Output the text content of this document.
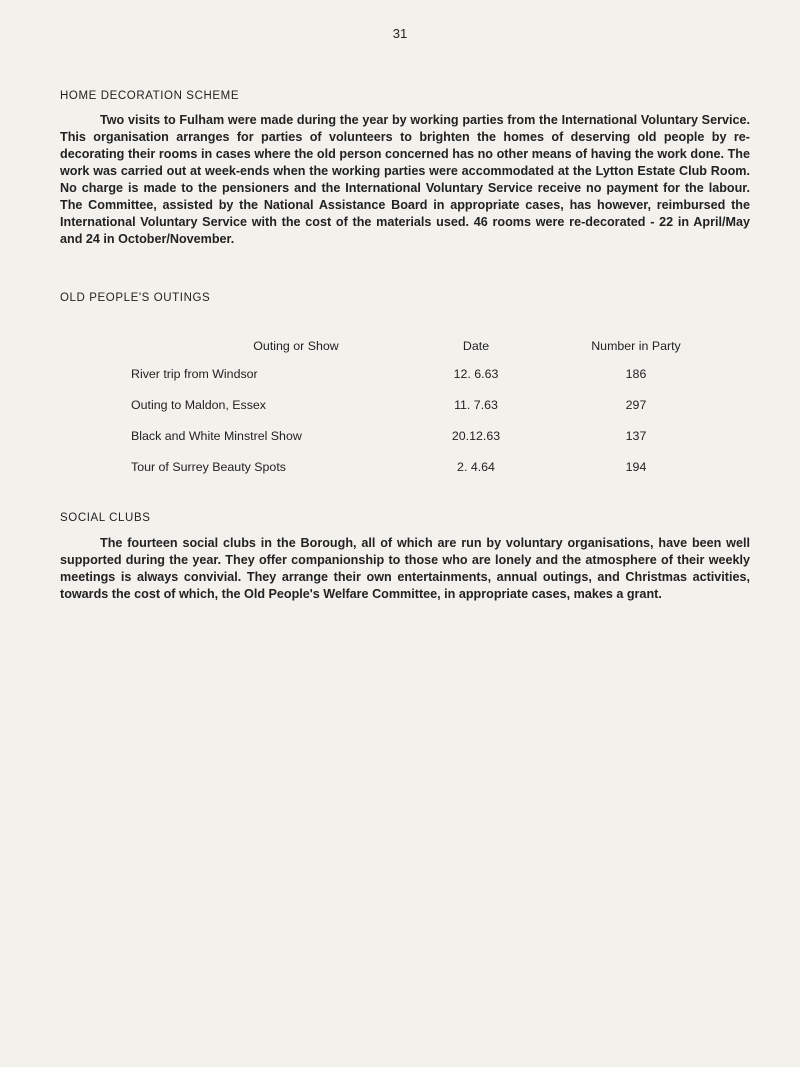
31
HOME DECORATION SCHEME

Two visits to Fulham were made during the year by working parties from the International Voluntary Service. This organisation arranges for parties of volunteers to brighten the homes of deserving old people by re-decorating their rooms in cases where the old person concerned has no other means of having the work done. The work was carried out at week-ends when the working parties were accommodated at the Lytton Estate Club Room. No charge is made to the pensioners and the International Voluntary Service receive no payment for the labour. The Committee, assisted by the National Assistance Board in appropriate cases, has however, reimbursed the International Voluntary Service with the cost of the materials used. 46 rooms were re-decorated - 22 in April/May and 24 in October/November.

OLD PEOPLE'S OUTINGS
Outing or Show	Date	Number in Party
River trip from Windsor	12. 6.63	186
Outing to Maldon, Essex	11. 7.63	297
Black and White Minstrel Show	20.12.63	137
Tour of Surrey Beauty Spots	2. 4.64	194
SOCIAL CLUBS

The fourteen social clubs in the Borough, all of which are run by voluntary organisations, have been well supported during the year. They offer companionship to those who are lonely and the atmosphere of their weekly meetings is always convivial. They arrange their own entertainments, annual outings, and Christmas activities, towards the cost of which, the Old People's Welfare Committee, in appropriate cases, makes a grant.
